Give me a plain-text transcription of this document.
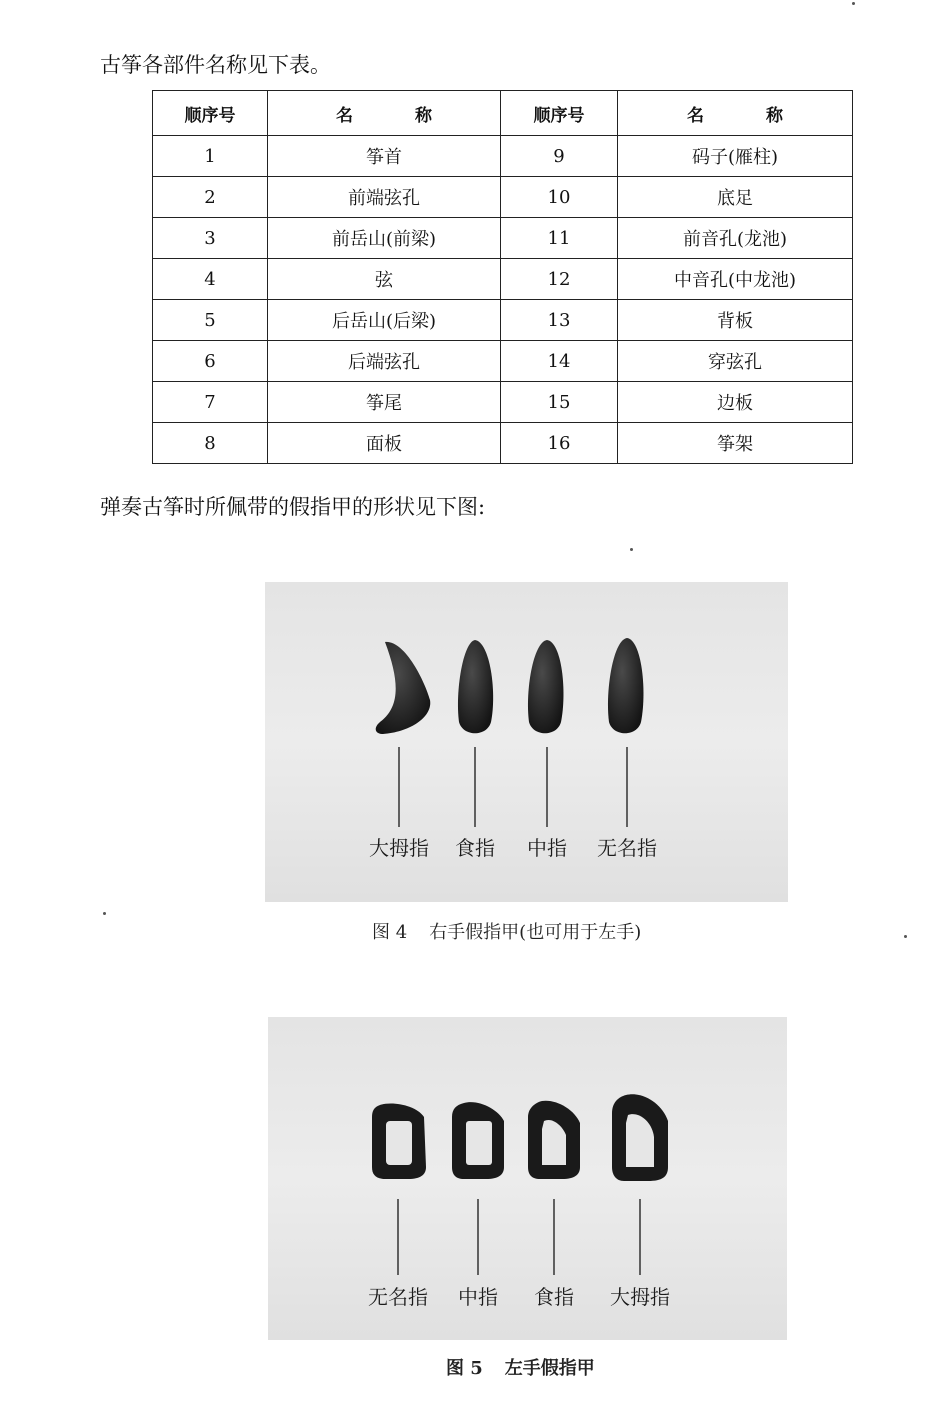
古筝各部件名称见下表。

顺序号	名 称	顺序号	名 称
1	筝首	9	码子(雁柱)
2	前端弦孔	10	底足
3	前岳山(前梁)	11	前音孔(龙池)
4	弦	12	中音孔(中龙池)
5	后岳山(后梁)	13	背板
6	后端弦孔	14	穿弦孔
7	筝尾	15	边板
8	面板	16	筝架

弹奏古筝时所佩带的假指甲的形状见下图:

大拇指 食指 中指 无名指
图 4 右手假指甲(也可用于左手)
无名指 中指 食指 大拇指
图 5 左手假指甲
